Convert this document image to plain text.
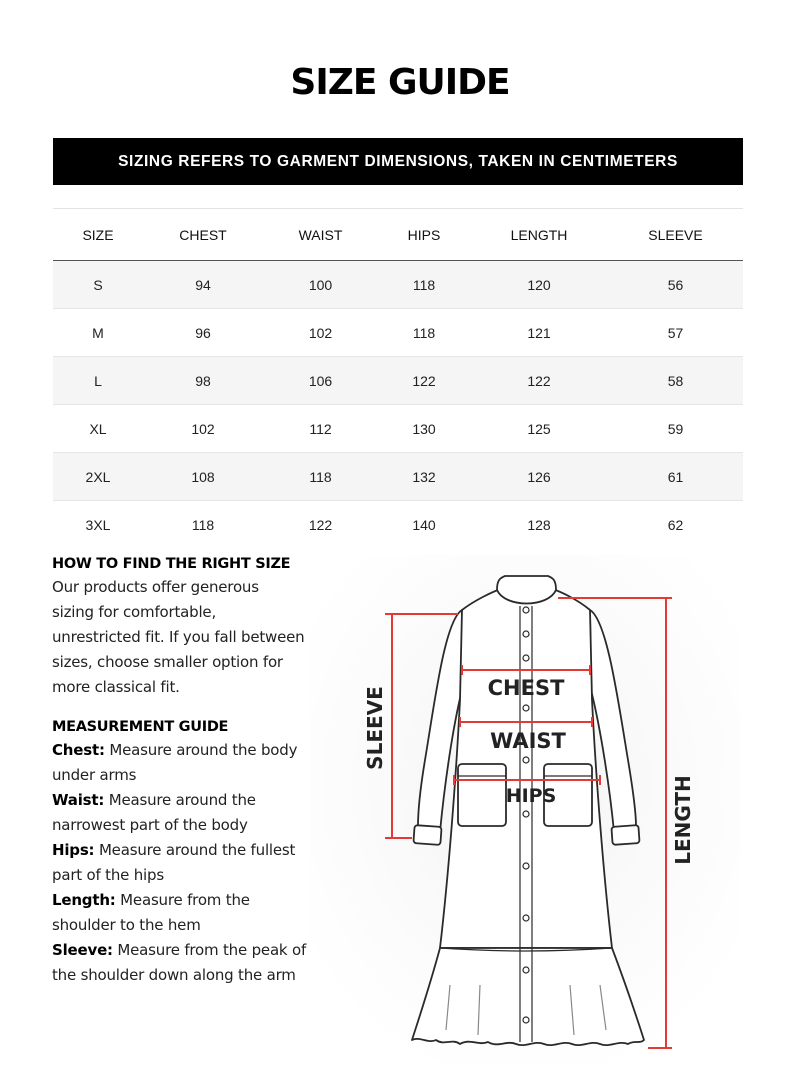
SIZE GUIDE
SIZING REFERS TO GARMENT DIMENSIONS, TAKEN IN CENTIMETERS
SIZE	CHEST	WAIST	HIPS	LENGTH	SLEEVE
S	94	100	118	120	56
M	96	102	118	121	57
L	98	106	122	122	58
XL	102	112	130	125	59
2XL	108	118	132	126	61
3XL	118	122	140	128	62
HOW TO FIND THE RIGHT SIZE

Our products offer generous
sizing for comfortable,
unrestricted fit. If you fall between
sizes, choose smaller option for
more classical fit.

MEASUREMENT GUIDE
Chest: Measure around the body
under arms
Waist: Measure around the
narrowest part of the body
Hips: Measure around the fullest
part of the hips
Length: Measure from the
shoulder to the hem
Sleeve: Measure from the peak of
the shoulder down along the arm
CHEST
WAIST
HIPS
SLEEVE
LENGTH
